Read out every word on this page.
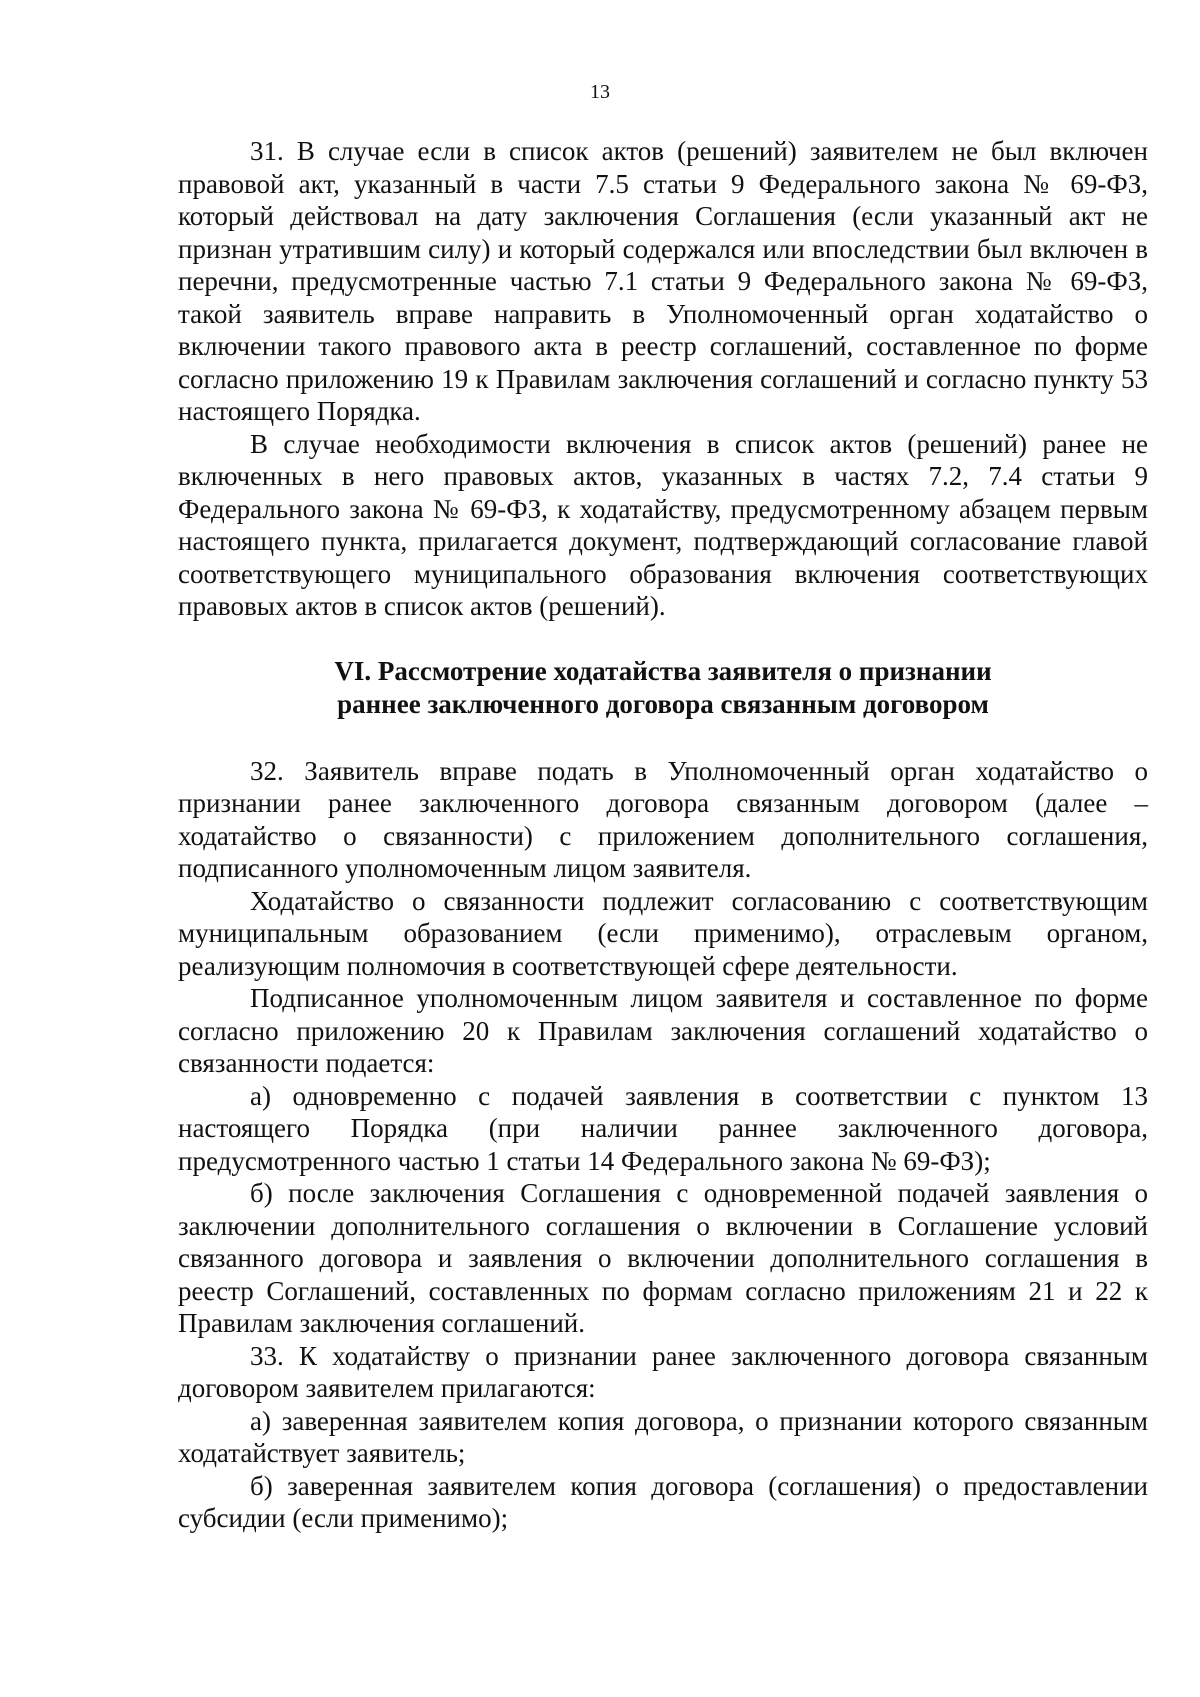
13

31. В случае если в список актов (решений) заявителем не был включен правовой акт, указанный в части 7.5 статьи 9 Федерального закона № 69-ФЗ, который действовал на дату заключения Соглашения (если указанный акт не признан утратившим силу) и который содержался или впоследствии был включен в перечни, предусмотренные частью 7.1 статьи 9 Федерального закона № 69-ФЗ, такой заявитель вправе направить в Уполномоченный орган ходатайство о включении такого правового акта в реестр соглашений, составленное по форме согласно приложению 19 к Правилам заключения соглашений и согласно пункту 53 настоящего Порядка.

В случае необходимости включения в список актов (решений) ранее не включенных в него правовых актов, указанных в частях 7.2, 7.4 статьи 9 Федерального закона № 69-ФЗ, к ходатайству, предусмотренному абзацем первым настоящего пункта, прилагается документ, подтверждающий согласование главой соответствующего муниципального образования включения соответствующих правовых актов в список актов (решений).

VI. Рассмотрение ходатайства заявителя о признании
раннее заключенного договора связанным договором

32. Заявитель вправе подать в Уполномоченный орган ходатайство о признании ранее заключенного договора связанным договором (далее – ходатайство о связанности) с приложением дополнительного соглашения, подписанного уполномоченным лицом заявителя.

Ходатайство о связанности подлежит согласованию с соответствующим муниципальным образованием (если применимо), отраслевым органом, реализующим полномочия в соответствующей сфере деятельности.

Подписанное уполномоченным лицом заявителя и составленное по форме согласно приложению 20 к Правилам заключения соглашений ходатайство о связанности подается:

а) одновременно с подачей заявления в соответствии с пунктом 13 настоящего Порядка (при наличии раннее заключенного договора, предусмотренного частью 1 статьи 14 Федерального закона № 69-ФЗ);

б) после заключения Соглашения с одновременной подачей заявления о заключении дополнительного соглашения о включении в Соглашение условий связанного договора и заявления о включении дополнительного соглашения в реестр Соглашений, составленных по формам согласно приложениям 21 и 22 к Правилам заключения соглашений.

33. К ходатайству о признании ранее заключенного договора связанным договором заявителем прилагаются:

а) заверенная заявителем копия договора, о признании которого связанным ходатайствует заявитель;

б) заверенная заявителем копия договора (соглашения) о предоставлении субсидии (если применимо);
